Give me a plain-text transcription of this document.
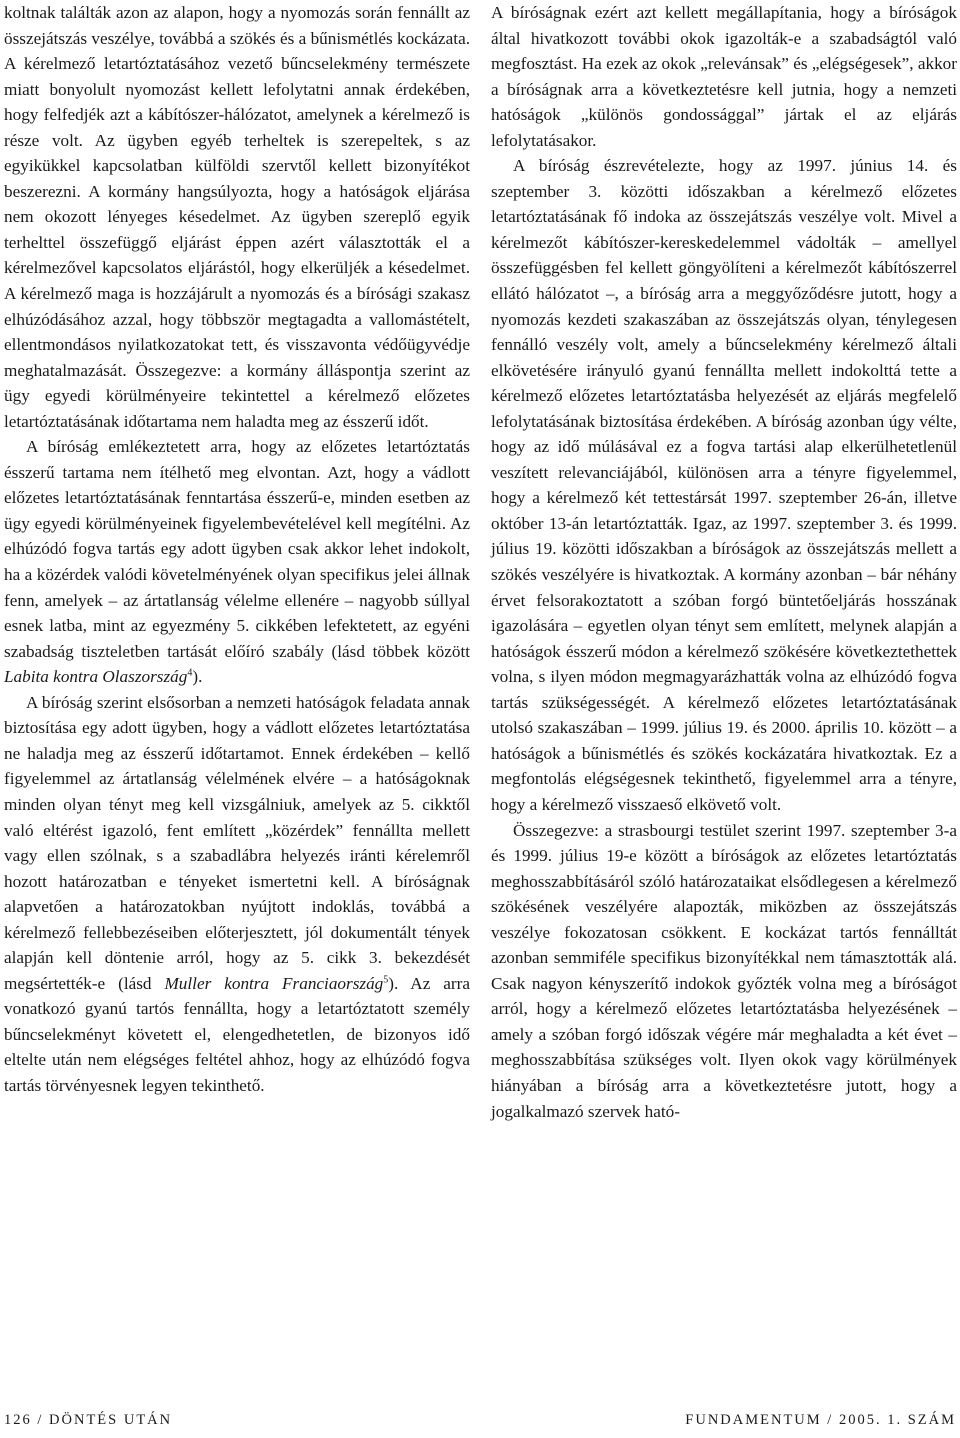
koltnak találták azon az alapon, hogy a nyomozás során fennállt az összejátszás veszélye, továbbá a szökés és a bűnismétlés kockázata. A kérelmező letartóztatásához vezető bűncselekmény természete miatt bonyolult nyomozást kellett lefolytatni annak érdekében, hogy felfedjék azt a kábítószer-hálózatot, amelynek a kérelmező is része volt. Az ügyben egyéb terheltek is szerepeltek, s az egyikükkel kapcsolatban külföldi szervtől kellett bizonyítékot beszerezni. A kormány hangsúlyozta, hogy a hatóságok eljárása nem okozott lényeges késedelmet. Az ügyben szereplő egyik terhelttel összefüggő eljárást éppen azért választották el a kérelmezővel kapcsolatos eljárástól, hogy elkerüljék a késedelmet. A kérelmező maga is hozzájárult a nyomozás és a bírósági szakasz elhúzódásához azzal, hogy többször megtagadta a vallomástételt, ellentmondásos nyilatkozatokat tett, és visszavonta védőügyvédje meghatalmazását. Összegezve: a kormány álláspontja szerint az ügy egyedi körülményeire tekintettel a kérelmező előzetes letartóztatásának időtartama nem haladta meg az ésszerű időt.

A bíróság emlékeztetett arra, hogy az előzetes letartóztatás ésszerű tartama nem ítélhető meg elvontan. Azt, hogy a vádlott előzetes letartóztatásának fenntartása ésszerű-e, minden esetben az ügy egyedi körülményeinek figyelembevételével kell megítélni. Az elhúzódó fogva tartás egy adott ügyben csak akkor lehet indokolt, ha a közérdek valódi követelményének olyan specifikus jelei állnak fenn, amelyek – az ártatlanság vélelme ellenére – nagyobb súllyal esnek latba, mint az egyezmény 5. cikkében lefektetett, az egyéni szabadság tiszteletben tartását előíró szabály (lásd többek között Labita kontra Olaszország$^4$).

A bíróság szerint elsősorban a nemzeti hatóságok feladata annak biztosítása egy adott ügyben, hogy a vádlott előzetes letartóztatása ne haladja meg az ésszerű időtartamot. Ennek érdekében – kellő figyelemmel az ártatlanság vélelmének elvére – a hatóságoknak minden olyan tényt meg kell vizsgálniuk, amelyek az 5. cikktől való eltérést igazoló, fent említett „közérdek” fennállta mellett vagy ellen szólnak, s a szabadlábra helyezés iránti kérelemről hozott határozatban e tényeket ismertetni kell. A bíróságnak alapvetően a határozatokban nyújtott indoklás, továbbá a kérelmező fellebbezéseiben előterjesztett, jól dokumentált tények alapján kell döntenie arról, hogy az 5. cikk 3. bekezdését megsértették-e (lásd Muller kontra Franciaország$^5$). Az arra vonatkozó gyanú tartós fennállta, hogy a letartóztatott személy bűncselekményt követett el, elengedhetetlen, de bizonyos idő eltelte után nem elégséges feltétel ahhoz, hogy az elhúzódó fogva tartás törvényesnek legyen tekinthető.

A bíróságnak ezért azt kellett megállapítania, hogy a bíróságok által hivatkozott további okok igazolták-e a szabadságtól való megfosztást. Ha ezek az okok „relevánsak” és „elégségesek”, akkor a bíróságnak arra a következtetésre kell jutnia, hogy a nemzeti hatóságok „különös gondossággal” jártak el az eljárás lefolytatásakor.

A bíróság észrevételezte, hogy az 1997. június 14. és szeptember 3. közötti időszakban a kérelmező előzetes letartóztatásának fő indoka az összejátszás veszélye volt. Mivel a kérelmezőt kábítószer-kereskedelemmel vádolták – amellyel összefüggésben fel kellett göngyölíteni a kérelmezőt kábítószerrel ellátó hálózatot –, a bíróság arra a meggyőződésre jutott, hogy a nyomozás kezdeti szakaszában az összejátszás olyan, ténylegesen fennálló veszély volt, amely a bűncselekmény kérelmező általi elkövetésére irányuló gyanú fennállta mellett indokolttá tette a kérelmező előzetes letartóztatásba helyezését az eljárás megfelelő lefolytatásának biztosítása érdekében. A bíróság azonban úgy vélte, hogy az idő múlásával ez a fogva tartási alap elkerülhetetlenül veszített relevanciájából, különösen arra a tényre figyelemmel, hogy a kérelmező két tettestársát 1997. szeptember 26-án, illetve október 13-án letartóztatták. Igaz, az 1997. szeptember 3. és 1999. július 19. közötti időszakban a bíróságok az összejátszás mellett a szökés veszélyére is hivatkoztak. A kormány azonban – bár néhány érvet felsorakoztatott a szóban forgó büntetőeljárás hosszának igazolására – egyetlen olyan tényt sem említett, melynek alapján a hatóságok ésszerű módon a kérelmező szökésére következtethettek volna, s ilyen módon megmagyarázhatták volna az elhúzódó fogva tartás szükségességét. A kérelmező előzetes letartóztatásának utolsó szakaszában – 1999. július 19. és 2000. április 10. között – a hatóságok a bűnismétlés és szökés kockázatára hivatkoztak. Ez a megfontolás elégségesnek tekinthető, figyelemmel arra a tényre, hogy a kérelmező visszaeső elkövető volt.

Összegezve: a strasbourgi testület szerint 1997. szeptember 3-a és 1999. július 19-e között a bíróságok az előzetes letartóztatás meghosszabbításáról szóló határozataikat elsődlegesen a kérelmező szökésének veszélyére alapozták, miközben az összejátszás veszélye fokozatosan csökkent. E kockázat tartós fennálltát azonban semmiféle specifikus bizonyítékkal nem támasztották alá. Csak nagyon kényszerítő indokok győzték volna meg a bíróságot arról, hogy a kérelmező előzetes letartóztatásba helyezésének – amely a szóban forgó időszak végére már meghaladta a két évet – meghosszabbítása szükséges volt. Ilyen okok vagy körülmények hiányában a bíróság arra a következtetésre jutott, hogy a jogalkalmazó szervek ható-

126 / DÖNTÉS UTÁN	FUNDAMENTUM / 2005. 1. SZÁM
